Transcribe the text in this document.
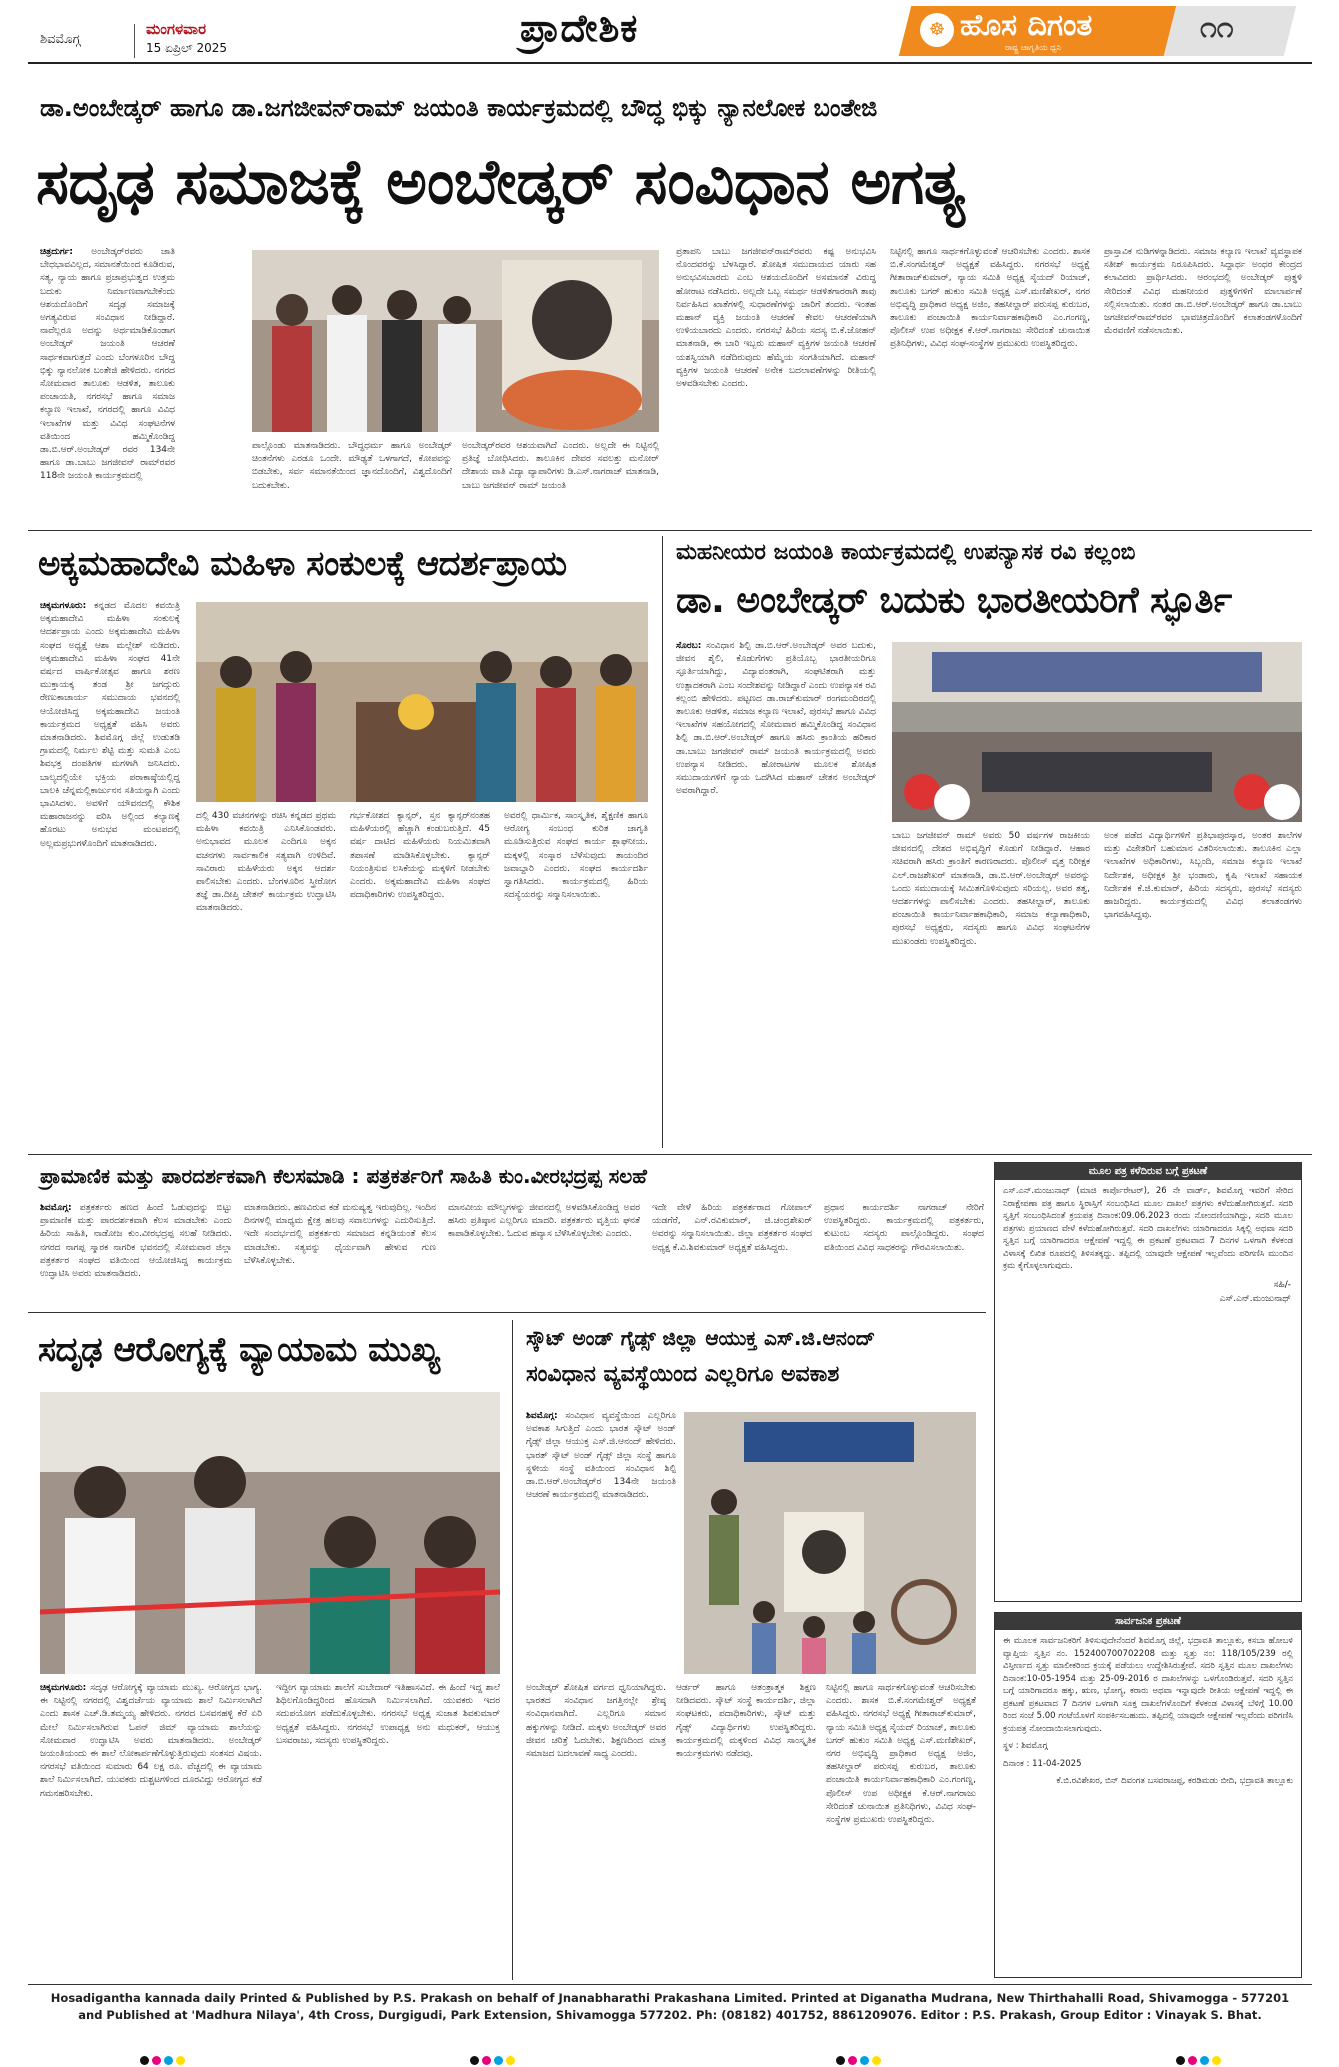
ಶಿವಮೊಗ್ಗ
ಮಂಗಳವಾರ
15 ಏಪ್ರಿಲ್ 2025	ಪ್ರಾದೇಶಿಕ	☸ ಹೊಸ ದಿಗಂತ
ರಾಷ್ಟ್ರ ಜಾಗೃತಿಯ ಧ್ವನಿ
೧೧
ಡಾ.ಅಂಬೇಡ್ಕರ್ ಹಾಗೂ ಡಾ.ಜಗಜೀವನ್‌ರಾಮ್ ಜಯಂತಿ ಕಾರ್ಯಕ್ರಮದಲ್ಲಿ ಬೌದ್ಧ ಭಿಕ್ಕು ನ್ಯಾನಲೋಕ ಬಂತೇಜಿ
ಸದೃಢ ಸಮಾಜಕ್ಕೆ ಅಂಬೇಡ್ಕರ್ ಸಂವಿಧಾನ ಅಗತ್ಯ
ಚಿತ್ರದುರ್ಗ: ಅಂಬೇಡ್ಕರ್‌ರವರು ಜಾತಿ ಬೇಧಭಾವವಿಲ್ಲದ, ಸಮಾನತೆಯಿಂದ ಕೂಡಿರುವ, ಸತ್ಯ, ನ್ಯಾಯ ಹಾಗೂ ಪ್ರಜಾಪ್ರಭುತ್ವದ ಉತ್ತಮ ಬದುಕು ನಿರ್ಮಾಣವಾಗಬೇಕೆಂದು ಆಶಯದೊಂದಿಗೆ ಸದೃಢ ಸಮಾಜಕ್ಕೆ ಅಗತ್ಯವಿರುವ ಸಂವಿಧಾನ ನೀಡಿದ್ದಾರೆ. ನಾವೆಲ್ಲರೂ ಅದನ್ನು ಅರ್ಥಮಾಡಿಕೊಂಡಾಗ ಅಂಬೇಡ್ಕರ್ ಜಯಂತಿ ಆಚರಣೆ ಸಾರ್ಥಕವಾಗುತ್ತದೆ ಎಂದು ಬೆಂಗಳೂರಿನ ಬೌದ್ಧ ಭಿಕ್ಕು ನ್ಯಾನಲೋಕ ಬಂತೇಜಿ ಹೇಳಿದರು. ನಗರದ ಸೋಮವಾರ ತಾಲೂಕು ಆಡಳಿತ, ತಾಲೂಕು ಪಂಚಾಯತಿ, ನಗರಸಭೆ ಹಾಗೂ ಸಮಾಜ ಕಲ್ಯಾಣ ಇಲಾಖೆ, ನಗರದಲ್ಲಿ ಹಾಗೂ ವಿವಿಧ ಇಲಾಖೆಗಳ ಮತ್ತು ವಿವಿಧ ಸಂಘಟನೆಗಳ ವತಿಯಿಂದ ಹಮ್ಮಿಕೊಂಡಿದ್ದ ಡಾ.ಬಿ.ಆರ್.ಅಂಬೇಡ್ಕರ್ ರವರ 134ನೇ ಹಾಗೂ ಡಾ.ಬಾಬು ಜಗಜೀವನ್ ರಾಮ್‌ರವರ 118ನೇ ಜಯಂತಿ ಕಾರ್ಯಕ್ರಮದಲ್ಲಿ
ಪಾಲ್ಗೊಂಡು ಮಾತನಾಡಿದರು. ಬೌದ್ಧಧರ್ಮ ಹಾಗೂ ಅಂಬೇಡ್ಕರ್ ಚಿಂತನೆಗಳು ಎರಡೂ ಒಂದೇ. ಮೌಢ್ಯತೆ ಒಳಗಾಗದೆ, ಕೋಪವನ್ನು ಬಿಡಬೇಕು, ಸರ್ವ ಸಮಾನತೆಯಿಂದ ಜ್ಞಾನದೊಂದಿಗೆ, ವಿಶ್ವದೊಂದಿಗೆ ಬದುಕಬೇಕು.
ಅಂಬೇಡ್ಕರ್‌ರವರ ಆಶಯವಾಗಿದೆ ಎಂದರು. ಅಲ್ಲದೇ ಈ ನಿಟ್ಟಿನಲ್ಲಿ ಪ್ರತಿಜ್ಞೆ ಬೋಧಿಸಿದರು. ತಾಲೂಕಿನ ದೇವರ ಸವಲತ್ತು ಮನೋರ್ ದೇಶಾಯ ವಾತಿ ವಿದ್ಯಾ ವ್ಯಾಪಾರಿಗಳು ಡಿ.ಎಸ್.ನಾಗರಾಜ್ ಮಾತನಾಡಿ, ಬಾಬು ಜಗಜೀವನ್ ರಾಮ್ ಜಯಂತಿ
ಪ್ರತಾಪನಿ ಬಾಬು ಜಗಜೀವನ್‌ರಾಮ್‌ರವರು ಕಷ್ಟ ಅನುಭವಿಸಿ ನೊಂದವರನ್ನು ಬೆಳಸಿದ್ದಾರೆ. ಶೋಷಿತ ಸಮುದಾಯದ ಯಾರು ಸಹ ಅನುಭವಿಸಬಾರದು ಎಂಬ ಆಶಯದೊಂದಿಗೆ ಅಸಮಾನತೆ ವಿರುದ್ಧ ಹೋರಾಟ ನಡೆಸಿದರು. ಅಲ್ಲದೇ ಒಬ್ಬ ಸಮರ್ಥ ಆಡಳಿತಗಾರರಾಗಿ ತಾವು ನಿರ್ವಹಿಸಿದ ಖಾತೆಗಳಲ್ಲಿ ಸುಧಾರಣೆಗಳನ್ನು ಜಾರಿಗೆ ತಂದರು. ಇಂತಹ ಮಹಾನ್ ವ್ಯಕ್ತಿ ಜಯಂತಿ ಆಚರಣೆ ಕೇವಲ ಆಚರಣೆಯಾಗಿ ಉಳಿಯಬಾರದು ಎಂದರು. ನಗರಸಭೆ ಹಿರಿಯ ಸದಸ್ಯ ಬಿ.ಕೆ.ಜೋಹನ್ ಮಾತನಾಡಿ, ಈ ಬಾರಿ ಇಬ್ಬರು ಮಹಾನ್ ವ್ಯಕ್ತಿಗಳ ಜಯಂತಿ ಆಚರಣೆ ಯಶಸ್ವಿಯಾಗಿ ನಡೆದಿರುವುದು ಹೆಮ್ಮೆಯ ಸಂಗತಿಯಾಗಿದೆ. ಮಹಾನ್ ವ್ಯಕ್ತಿಗಳ ಜಯಂತಿ ಆಚರಣೆ ಅನೇಕ ಬದಲಾವಣೆಗಳನ್ನು ರೀತಿಯಲ್ಲಿ ಅಳವಡಿಸಬೇಕು ಎಂದರು.
ನಿಟ್ಟಿನಲ್ಲಿ ಹಾಗೂ ಸಾರ್ಥಕಗೊಳ್ಳುವಂತೆ ಆಚರಿಸಬೇಕು ಎಂದರು. ಶಾಸಕ ಬಿ.ಕೆ.ಸಂಗಮೇಶ್ವರ್ ಅಧ್ಯಕ್ಷತೆ ವಹಿಸಿದ್ದರು. ನಗರಸಭೆ ಅಧ್ಯಕ್ಷೆ ಗೀತಾರಾಜ್‌ಕುಮಾರ್, ನ್ಯಾಯ ಸಮಿತಿ ಅಧ್ಯಕ್ಷ ಸೈಯದ್ ರಿಯಾಜ್, ತಾಲೂಕು ಬಗರ್ ಹುಕುಂ ಸಮಿತಿ ಅಧ್ಯಕ್ಷ ಎಸ್.ಮಣಿಶೇಖರ್, ನಗರ ಅಭಿವೃದ್ಧಿ ಪ್ರಾಧಿಕಾರ ಅಧ್ಯಕ್ಷ ಅಜಿಂ, ತಹಸೀಲ್ದಾರ್ ಪರುಸಪ್ಪ ಕುರುಬರ, ತಾಲೂಕು ಪಂಚಾಯಿತಿ ಕಾರ್ಯನಿರ್ವಾಹಕಾಧಿಕಾರಿ ಎಂ.ಗಂಗಣ್ಣ, ಪೊಲೀಸ್ ಉಪ ಅಧೀಕ್ಷಕ ಕೆ.ಆರ್.ನಾಗರಾಜು ಸೇರಿದಂತೆ ಚುನಾಯಿತ ಪ್ರತಿನಿಧಿಗಳು, ವಿವಿಧ ಸಂಘ-ಸಂಸ್ಥೆಗಳ ಪ್ರಮುಖರು ಉಪಸ್ಥಿತರಿದ್ದರು.
ಪ್ರಾಸ್ತಾವಿಕ ನುಡಿಗಳನ್ನಾಡಿದರು. ಸಮಾಜ ಕಲ್ಯಾಣ ಇಲಾಖೆ ವ್ಯವಸ್ಥಾಪಕ ಸತೀಶ್ ಕಾರ್ಯಕ್ರಮ ನಿರೂಪಿಸಿದರು. ಸಿದ್ದಾರ್ಥ ಅಂಧರ ಕೇಂದ್ರದ ಕಲಾವಿದರು ಪ್ರಾರ್ಥಿಸಿದರು. ಆರಂಭದಲ್ಲಿ ಅಂಬೇಡ್ಕರ್ ಪುತ್ಥಳಿ ಸೇರಿದಂತೆ ವಿವಿಧ ಮಹನೀಯರ ಪುತ್ಥಳಿಗಳಿಗೆ ಮಾಲಾರ್ಪಣೆ ಸಲ್ಲಿಸಲಾಯಿತು. ನಂತರ ಡಾ.ಬಿ.ಆರ್.ಅಂಬೇಡ್ಕರ್ ಹಾಗೂ ಡಾ.ಬಾಬು ಜಗಜೀವನ್‌ರಾಮ್‌ರವರ ಭಾವಚಿತ್ರದೊಂದಿಗೆ ಕಲಾತಂಡಗಳೊಂದಿಗೆ ಮೆರವಣಿಗೆ ನಡೆಸಲಾಯಿತು.
ಅಕ್ಕಮಹಾದೇವಿ ಮಹಿಳಾ ಸಂಕುಲಕ್ಕೆ ಆದರ್ಶಪ್ರಾಯ
ಚಿಕ್ಕಮಗಳೂರು: ಕನ್ನಡದ ಮೊದಲ ಕವಯಿತ್ರಿ ಅಕ್ಕಮಹಾದೇವಿ ಮಹಿಳಾ ಸಂಕುಲಕ್ಕೆ ಆದರ್ಶಪ್ರಾಯ ಎಂದು ಅಕ್ಕಮಹಾದೇವಿ ಮಹಿಳಾ ಸಂಘದ ಅಧ್ಯಕ್ಷೆ ಆಶಾ ಮಲ್ಲೇಶ್ ನುಡಿದರು. ಅಕ್ಕಮಹಾದೇವಿ ಮಹಿಳಾ ಸಂಘದ 41ನೇ ವರ್ಷದ ವಾರ್ಷಿಕೋತ್ಸವ ಹಾಗೂ ಶರಣ ಮುಕ್ತಾಯಕ್ಕ ತಂಡ ಶ್ರೀ ಜಗದ್ಗುರು ರೇಣುಕಾಚಾರ್ಯ ಸಮುದಾಯ ಭವನದಲ್ಲಿ ಆಯೋಜಿಸಿದ್ದ ಅಕ್ಕಮಹಾದೇವಿ ಜಯಂತಿ ಕಾರ್ಯಕ್ರಮದ ಅಧ್ಯಕ್ಷತೆ ವಹಿಸಿ ಅವರು ಮಾತನಾಡಿದರು. ಶಿವಮೊಗ್ಗ ಜಿಲ್ಲೆ ಉಡುತಡಿ ಗ್ರಾಮದಲ್ಲಿ ನಿರ್ಮಲ ಶೆಟ್ಟಿ ಮತ್ತು ಸುಮತಿ ಎಂಬ ಶಿವಭಕ್ತ ದಂಪತಿಗಳ ಮಗಳಾಗಿ ಜನಿಸಿದರು. ಬಾಲ್ಯದಲ್ಲಿಯೇ ಭಕ್ತಿಯ ಪರಾಕಾಷ್ಠೆಯಲ್ಲಿದ್ದ ಬಾಲಕಿ ಚೆನ್ನಮಲ್ಲಿಕಾರ್ಜುನನ ಸತಿಯನ್ನಾಗಿ ಎಂದು ಭಾವಿಸಿದಳು. ಅವಳಿಗೆ ಯೌವನದಲ್ಲಿ ಕೌಶಿಕ ಮಹಾರಾಜನನ್ನು ವರಿಸಿ ಅಲ್ಲಿಂದ ಕಲ್ಯಾಣಕ್ಕೆ ಹೊರಟು ಅನುಭವ ಮಂಟಪದಲ್ಲಿ ಅಲ್ಲಮಪ್ರಭುಗಳೊಂದಿಗೆ ಮಾತನಾಡಿದರು.
ದಲ್ಲಿ 430 ವಚನಗಳನ್ನು ರಚಿಸಿ ಕನ್ನಡದ ಪ್ರಥಮ ಮಹಿಳಾ ಕವಯಿತ್ರಿ ಎನಿಸಿಕೊಂಡವರು. ಅನುಭಾವದ ಮೂಲಕ ಎಂದಿಗೂ ಅಕ್ಕನ ವಚನಗಳು ಸಾರ್ವಕಾಲಿಕ ಸತ್ಯವಾಗಿ ಉಳಿದಿವೆ. ಸಾವಿರಾರು ಮಹಿಳೆಯರು ಅಕ್ಕನ ಆದರ್ಶ ಪಾಲಿಸಬೇಕು ಎಂದರು. ಬೆಂಗಳೂರಿನ ಸ್ತ್ರೀರೋಗ ತಜ್ಞೆ ಡಾ.ದೀಪ್ತಿ ಚೇತನ್ ಕಾರ್ಯಕ್ರಮ ಉದ್ಘಾಟಿಸಿ ಮಾತನಾಡಿದರು.
ಗರ್ಭಕೋಶದ ಕ್ಯಾನ್ಸರ್, ಸ್ತನ ಕ್ಯಾನ್ಸರ್‌ನಂತಹ ಮಹಿಳೆಯರಲ್ಲಿ ಹೆಚ್ಚಾಗಿ ಕಂಡುಬರುತ್ತಿದೆ. 45 ವರ್ಷ ದಾಟಿದ ಮಹಿಳೆಯರು ನಿಯಮಿತವಾಗಿ ತಪಾಸಣೆ ಮಾಡಿಸಿಕೊಳ್ಳಬೇಕು. ಕ್ಯಾನ್ಸರ್ ನಿಯಂತ್ರಿಸುವ ಲಸಿಕೆಯನ್ನು ಮಕ್ಕಳಿಗೆ ನೀಡಬೇಕು ಎಂದರು. ಅಕ್ಕಮಹಾದೇವಿ ಮಹಿಳಾ ಸಂಘದ ಪದಾಧಿಕಾರಿಗಳು ಉಪಸ್ಥಿತರಿದ್ದರು.
ಅವರಲ್ಲಿ ಧಾರ್ಮಿಕ, ಸಾಂಸ್ಕೃತಿಕ, ಶೈಕ್ಷಣಿಕ ಹಾಗೂ ಆರೋಗ್ಯ ಸಂಬಂಧ ಕುರಿತ ಜಾಗೃತಿ ಮೂಡಿಸುತ್ತಿರುವ ಸಂಘದ ಕಾರ್ಯ ಶ್ಲಾಘನೀಯ. ಮಕ್ಕಳಲ್ಲಿ ಸಂಸ್ಕಾರ ಬೆಳೆಸುವುದು ತಾಯಂದಿರ ಜವಾಬ್ದಾರಿ ಎಂದರು. ಸಂಘದ ಕಾರ್ಯದರ್ಶಿ ಸ್ವಾಗತಿಸಿದರು. ಕಾರ್ಯಕ್ರಮದಲ್ಲಿ ಹಿರಿಯ ಸದಸ್ಯೆಯರನ್ನು ಸನ್ಮಾನಿಸಲಾಯಿತು.
ಮಹನೀಯರ ಜಯಂತಿ ಕಾರ್ಯಕ್ರಮದಲ್ಲಿ ಉಪನ್ಯಾಸಕ ರವಿ ಕಲ್ಲಂಬಿ
ಡಾ. ಅಂಬೇಡ್ಕರ್ ಬದುಕು ಭಾರತೀಯರಿಗೆ ಸ್ಫೂರ್ತಿ
ಸೊರಬ: ಸಂವಿಧಾನ ಶಿಲ್ಪಿ ಡಾ.ಬಿ.ಆರ್.ಅಂಬೇಡ್ಕರ್ ಅವರ ಬದುಕು, ಜೀವನ ಶೈಲಿ, ಕೊಡುಗೆಗಳು ಪ್ರತಿಯೊಬ್ಬ ಭಾರತೀಯರಿಗೂ ಸ್ಫೂರ್ತಿಯಾಗಿದ್ದು, ವಿದ್ಯಾವಂತರಾಗಿ, ಸಂಘಟಿತರಾಗಿ ಮತ್ತು ಉತ್ಪಾದಕರಾಗಿ ಎಂಬ ಸಂದೇಶವನ್ನು ನೀಡಿದ್ದಾರೆ ಎಂದು ಉಪನ್ಯಾಸಕ ರವಿ ಕಲ್ಲಂಬಿ ಹೇಳಿದರು. ಪಟ್ಟಣದ ಡಾ.ರಾಜ್‌ಕುಮಾರ್ ರಂಗಮಂದಿರದಲ್ಲಿ ತಾಲೂಕು ಆಡಳಿತ, ಸಮಾಜ ಕಲ್ಯಾಣ ಇಲಾಖೆ, ಪುರಸಭೆ ಹಾಗೂ ವಿವಿಧ ಇಲಾಖೆಗಳ ಸಹಯೋಗದಲ್ಲಿ ಸೋಮವಾರ ಹಮ್ಮಿಕೊಂಡಿದ್ದ ಸಂವಿಧಾನ ಶಿಲ್ಪಿ ಡಾ.ಬಿ.ಆರ್.ಅಂಬೇಡ್ಕರ್ ಹಾಗೂ ಹಸಿರು ಕ್ರಾಂತಿಯ ಹರಿಕಾರ ಡಾ.ಬಾಬು ಜಗಜೀವನ್ ರಾಮ್ ಜಯಂತಿ ಕಾರ್ಯಕ್ರಮದಲ್ಲಿ ಅವರು ಉಪನ್ಯಾಸ ನೀಡಿದರು. ಹೋರಾಟಗಳ ಮೂಲಕ ಶೋಷಿತ ಸಮುದಾಯಗಳಿಗೆ ನ್ಯಾಯ ಒದಗಿಸಿದ ಮಹಾನ್ ಚೇತನ ಅಂಬೇಡ್ಕರ್ ಅವರಾಗಿದ್ದಾರೆ.
ಬಾಬು ಜಗಜೀವನ್ ರಾಮ್ ಅವರು 50 ವರ್ಷಗಳ ರಾಜಕೀಯ ಜೀವನದಲ್ಲಿ ದೇಶದ ಅಭಿವೃದ್ಧಿಗೆ ಕೊಡುಗೆ ನೀಡಿದ್ದಾರೆ. ಆಹಾರ ಸಚಿವರಾಗಿ ಹಸಿರು ಕ್ರಾಂತಿಗೆ ಕಾರಣರಾದರು. ಪೊಲೀಸ್ ವೃತ್ತ ನಿರೀಕ್ಷಕ ಎಲ್.ರಾಜಶೇಖರ್ ಮಾತನಾಡಿ, ಡಾ.ಬಿ.ಆರ್.ಅಂಬೇಡ್ಕರ್ ಅವರನ್ನು ಒಂದು ಸಮುದಾಯಕ್ಕೆ ಸೀಮಿತಗೊಳಿಸುವುದು ಸರಿಯಲ್ಲ. ಅವರ ತತ್ವ, ಆದರ್ಶಗಳನ್ನು ಪಾಲಿಸಬೇಕು ಎಂದರು. ತಹಸೀಲ್ದಾರ್, ತಾಲೂಕು ಪಂಚಾಯಿತಿ ಕಾರ್ಯನಿರ್ವಾಹಕಾಧಿಕಾರಿ, ಸಮಾಜ ಕಲ್ಯಾಣಾಧಿಕಾರಿ, ಪುರಸಭೆ ಅಧ್ಯಕ್ಷರು, ಸದಸ್ಯರು ಹಾಗೂ ವಿವಿಧ ಸಂಘಟನೆಗಳ ಮುಖಂಡರು ಉಪಸ್ಥಿತರಿದ್ದರು.
ಅಂಕ ಪಡೆದ ವಿದ್ಯಾರ್ಥಿಗಳಿಗೆ ಪ್ರತಿಭಾಪುರಸ್ಕಾರ, ಅಂತರ ಶಾಲೆಗಳ ಮತ್ತು ವಿಜೇತರಿಗೆ ಬಹುಮಾನ ವಿತರಿಸಲಾಯಿತು. ತಾಲೂಕಿನ ಎಲ್ಲಾ ಇಲಾಖೆಗಳ ಅಧಿಕಾರಿಗಳು, ಸಿಬ್ಬಂದಿ, ಸಮಾಜ ಕಲ್ಯಾಣ ಇಲಾಖೆ ನಿರ್ದೇಶಕ, ಅಧೀಕ್ಷಕ ಶ್ರೀ ಭಂಡಾರು, ಕೃಷಿ ಇಲಾಖೆ ಸಹಾಯಕ ನಿರ್ದೇಶಕ ಕೆ.ಜಿ.ಕುಮಾರ್, ಹಿರಿಯ ಸದಸ್ಯರು, ಪುರಸಭೆ ಸದಸ್ಯರು ಹಾಜರಿದ್ದರು. ಕಾರ್ಯಕ್ರಮದಲ್ಲಿ ವಿವಿಧ ಕಲಾತಂಡಗಳು ಭಾಗವಹಿಸಿದ್ದವು.
ಪ್ರಾಮಾಣಿಕ ಮತ್ತು ಪಾರದರ್ಶಕವಾಗಿ ಕೆಲಸಮಾಡಿ : ಪತ್ರಕರ್ತರಿಗೆ ಸಾಹಿತಿ ಕುಂ.ವೀರಭದ್ರಪ್ಪ ಸಲಹೆ
ಶಿವಮೊಗ್ಗ: ಪತ್ರಕರ್ತರು ಹಣದ ಹಿಂದೆ ಓಡುವುದನ್ನು ಬಿಟ್ಟು ಪ್ರಾಮಾಣಿಕ ಮತ್ತು ಪಾರದರ್ಶಕವಾಗಿ ಕೆಲಸ ಮಾಡಬೇಕು ಎಂದು ಹಿರಿಯ ಸಾಹಿತಿ, ನಾಡೋಜ ಕುಂ.ವೀರಭದ್ರಪ್ಪ ಸಲಹೆ ನೀಡಿದರು. ನಗರದ ನಾಗಪ್ಪ ಸ್ಮಾರಕ ನಾಗರಿಕ ಭವನದಲ್ಲಿ ಸೋಮವಾರ ಜಿಲ್ಲಾ ಪತ್ರಕರ್ತರ ಸಂಘದ ವತಿಯಿಂದ ಆಯೋಜಿಸಿದ್ದ ಕಾರ್ಯಕ್ರಮ ಉದ್ಘಾಟಿಸಿ ಅವರು ಮಾತನಾಡಿದರು.
ಮಾತನಾಡಿದರು. ಹಣವಿರುವ ಕಡೆ ಮನುಷ್ಯತ್ವ ಇರುವುದಿಲ್ಲ. ಇಂದಿನ ದಿನಗಳಲ್ಲಿ ಮಾಧ್ಯಮ ಕ್ಷೇತ್ರ ಹಲವು ಸವಾಲುಗಳನ್ನು ಎದುರಿಸುತ್ತಿದೆ. ಇದೇ ಸಂದರ್ಭದಲ್ಲಿ ಪತ್ರಕರ್ತರು ಸಮಾಜದ ಕನ್ನಡಿಯಂತೆ ಕೆಲಸ ಮಾಡಬೇಕು. ಸತ್ಯವನ್ನು ಧೈರ್ಯವಾಗಿ ಹೇಳುವ ಗುಣ ಬೆಳೆಸಿಕೊಳ್ಳಬೇಕು.
ಮಾನವೀಯ ಮೌಲ್ಯಗಳನ್ನು ಜೀವನದಲ್ಲಿ ಅಳವಡಿಸಿಕೊಂಡಿದ್ದ ಅವರ ಹಸಿರು ಪ್ರತಿಷ್ಠಾನ ಎಲ್ಲರಿಗೂ ಮಾದರಿ. ಪತ್ರಕರ್ತರು ವೃತ್ತಿಯ ಘನತೆ ಕಾಪಾಡಿಕೊಳ್ಳಬೇಕು. ಓದುವ ಹವ್ಯಾಸ ಬೆಳೆಸಿಕೊಳ್ಳಬೇಕು ಎಂದರು.
ಇದೇ ವೇಳೆ ಹಿರಿಯ ಪತ್ರಕರ್ತರಾದ ಗೋಪಾಲ್ ಯಡಗೆರೆ, ಎನ್.ರವಿಕುಮಾರ್, ಜಿ.ಚಂದ್ರಶೇಖರ್ ಅವರನ್ನು ಸನ್ಮಾನಿಸಲಾಯಿತು. ಜಿಲ್ಲಾ ಪತ್ರಕರ್ತರ ಸಂಘದ ಅಧ್ಯಕ್ಷ ಕೆ.ವಿ.ಶಿವಕುಮಾರ್ ಅಧ್ಯಕ್ಷತೆ ವಹಿಸಿದ್ದರು.
ಪ್ರಧಾನ ಕಾರ್ಯದರ್ಶಿ ನಾಗರಾಜ್ ನೇರಿಗೆ ಉಪಸ್ಥಿತರಿದ್ದರು. ಕಾರ್ಯಕ್ರಮದಲ್ಲಿ ಪತ್ರಕರ್ತರು, ಕುಟುಂಬ ಸದಸ್ಯರು ಪಾಲ್ಗೊಂಡಿದ್ದರು. ಸಂಘದ ವತಿಯಿಂದ ವಿವಿಧ ಸಾಧಕರನ್ನು ಗೌರವಿಸಲಾಯಿತು.
ಸದೃಢ ಆರೋಗ್ಯಕ್ಕೆ ವ್ಯಾಯಾಮ ಮುಖ್ಯ
ಚಿಕ್ಕಮಗಳೂರು: ಸದೃಢ ಆರೋಗ್ಯಕ್ಕೆ ವ್ಯಾಯಾಮ ಮುಖ್ಯ. ಆರೋಗ್ಯದ ಭಾಗ್ಯ. ಈ ನಿಟ್ಟಿನಲ್ಲಿ ನಗರದಲ್ಲಿ ವಿಶ್ವದರ್ಜೆಯ ವ್ಯಾಯಾಮ ಶಾಲೆ ನಿರ್ಮಿಸಲಾಗಿದೆ ಎಂದು ಶಾಸಕ ಎಚ್.ಡಿ.ತಮ್ಮಯ್ಯ ಹೇಳಿದರು. ನಗರದ ಬಸವನಹಳ್ಳಿ ಕೆರೆ ಏರಿ ಮೇಲೆ ನಿರ್ಮಿಸಲಾಗಿರುವ ಓಪನ್ ಜಿಮ್ ವ್ಯಾಯಾಮ ಶಾಲೆಯನ್ನು ಸೋಮವಾರ ಉದ್ಘಾಟಿಸಿ ಅವರು ಮಾತನಾಡಿದರು. ಅಂಬೇಡ್ಕರ್ ಜಯಂತಿಯಂದು ಈ ಶಾಲೆ ಲೋಕಾರ್ಪಣೆಗೊಳ್ಳುತ್ತಿರುವುದು ಸಂತಸದ ವಿಷಯ. ನಗರಸಭೆ ವತಿಯಿಂದ ಸುಮಾರು 64 ಲಕ್ಷ ರೂ. ವೆಚ್ಚದಲ್ಲಿ ಈ ವ್ಯಾಯಾಮ ಶಾಲೆ ನಿರ್ಮಿಸಲಾಗಿದೆ. ಯುವಕರು ದುಶ್ಚಟಗಳಿಂದ ದೂರವಿದ್ದು ಆರೋಗ್ಯದ ಕಡೆ ಗಮನಹರಿಸಬೇಕು.
ಇದ್ದೀಗ ವ್ಯಾಯಾಮ ಶಾಲೆಗೆ ಸುಬೇದಾರ್ ಇತಿಹಾಸವಿದೆ. ಈ ಹಿಂದೆ ಇದ್ದ ಶಾಲೆ ಶಿಥಿಲಗೊಂಡಿದ್ದರಿಂದ ಹೊಸದಾಗಿ ನಿರ್ಮಿಸಲಾಗಿದೆ. ಯುವಕರು ಇದರ ಸದುಪಯೋಗ ಪಡೆದುಕೊಳ್ಳಬೇಕು. ನಗರಸಭೆ ಅಧ್ಯಕ್ಷ ಸುಜಾತ ಶಿವಕುಮಾರ್ ಅಧ್ಯಕ್ಷತೆ ವಹಿಸಿದ್ದರು. ನಗರಸಭೆ ಉಪಾಧ್ಯಕ್ಷ ಅನು ಮಧುಕರ್, ಆಯುಕ್ತ ಬಸವರಾಜು, ಸದಸ್ಯರು ಉಪಸ್ಥಿತರಿದ್ದರು.
ಸ್ಕೌಟ್ ಅಂಡ್ ಗೈಡ್ಸ್ ಜಿಲ್ಲಾ ಆಯುಕ್ತ ಎಸ್.ಜಿ.ಆನಂದ್
ಸಂವಿಧಾನ ವ್ಯವಸ್ಥೆಯಿಂದ ಎಲ್ಲರಿಗೂ ಅವಕಾಶ
ಶಿವಮೊಗ್ಗ: ಸಂವಿಧಾನ ವ್ಯವಸ್ಥೆಯಿಂದ ಎಲ್ಲರಿಗೂ ಅವಕಾಶ ಸಿಗುತ್ತಿದೆ ಎಂದು ಭಾರತ ಸ್ಕೌಟ್ ಅಂಡ್ ಗೈಡ್ಸ್ ಜಿಲ್ಲಾ ಆಯುಕ್ತ ಎಸ್.ಜಿ.ಆನಂದ್ ಹೇಳಿದರು. ಭಾರತ್ ಸ್ಕೌಟ್ ಅಂಡ್ ಗೈಡ್ಸ್ ಜಿಲ್ಲಾ ಸಂಸ್ಥೆ ಹಾಗೂ ಸ್ಥಳೀಯ ಸಂಸ್ಥೆ ವತಿಯಿಂದ ಸಂವಿಧಾನ ಶಿಲ್ಪಿ ಡಾ.ಬಿ.ಆರ್.ಅಂಬೇಡ್ಕರ್‌ರ 134ನೇ ಜಯಂತಿ ಆಚರಣೆ ಕಾರ್ಯಕ್ರಮದಲ್ಲಿ ಮಾತನಾಡಿದರು.
ಅಂಬೇಡ್ಕರ್ ಶೋಷಿತ ವರ್ಗದ ಧ್ವನಿಯಾಗಿದ್ದರು. ಭಾರತದ ಸಂವಿಧಾನ ಜಗತ್ತಿನಲ್ಲೇ ಶ್ರೇಷ್ಠ ಸಂವಿಧಾನವಾಗಿದೆ. ಎಲ್ಲರಿಗೂ ಸಮಾನ ಹಕ್ಕುಗಳನ್ನು ನೀಡಿದೆ. ಮಕ್ಕಳು ಅಂಬೇಡ್ಕರ್ ಅವರ ಜೀವನ ಚರಿತ್ರೆ ಓದಬೇಕು. ಶಿಕ್ಷಣದಿಂದ ಮಾತ್ರ ಸಮಾಜದ ಬದಲಾವಣೆ ಸಾಧ್ಯ ಎಂದರು.
ಆರ್ಡರ್ ಹಾಗೂ ಆತಂತ್ರಾತ್ಮಕ ಶಿಕ್ಷಣ ನೀಡಿದವರು. ಸ್ಕೌಟ್ ಸಂಸ್ಥೆ ಕಾರ್ಯದರ್ಶಿ, ಜಿಲ್ಲಾ ಸಂಘಟಕರು, ಪದಾಧಿಕಾರಿಗಳು, ಸ್ಕೌಟ್ ಮತ್ತು ಗೈಡ್ಸ್ ವಿದ್ಯಾರ್ಥಿಗಳು ಉಪಸ್ಥಿತರಿದ್ದರು. ಕಾರ್ಯಕ್ರಮದಲ್ಲಿ ಮಕ್ಕಳಿಂದ ವಿವಿಧ ಸಾಂಸ್ಕೃತಿಕ ಕಾರ್ಯಕ್ರಮಗಳು ನಡೆದವು.
ನಿಟ್ಟಿನಲ್ಲಿ ಹಾಗೂ ಸಾರ್ಥಕಗೊಳ್ಳುವಂತೆ ಆಚರಿಸಬೇಕು ಎಂದರು. ಶಾಸಕ ಬಿ.ಕೆ.ಸಂಗಮೇಶ್ವರ್ ಅಧ್ಯಕ್ಷತೆ ವಹಿಸಿದ್ದರು. ನಗರಸಭೆ ಅಧ್ಯಕ್ಷೆ ಗೀತಾರಾಜ್‌ಕುಮಾರ್, ನ್ಯಾಯ ಸಮಿತಿ ಅಧ್ಯಕ್ಷ ಸೈಯದ್ ರಿಯಾಜ್, ತಾಲೂಕು ಬಗರ್ ಹುಕುಂ ಸಮಿತಿ ಅಧ್ಯಕ್ಷ ಎಸ್.ಮಣಿಶೇಖರ್, ನಗರ ಅಭಿವೃದ್ಧಿ ಪ್ರಾಧಿಕಾರ ಅಧ್ಯಕ್ಷ ಅಜಿಂ, ತಹಸೀಲ್ದಾರ್ ಪರುಸಪ್ಪ ಕುರುಬರ, ತಾಲೂಕು ಪಂಚಾಯಿತಿ ಕಾರ್ಯನಿರ್ವಾಹಕಾಧಿಕಾರಿ ಎಂ.ಗಂಗಣ್ಣ, ಪೊಲೀಸ್ ಉಪ ಅಧೀಕ್ಷಕ ಕೆ.ಆರ್.ನಾಗರಾಜು ಸೇರಿದಂತೆ ಚುನಾಯಿತ ಪ್ರತಿನಿಧಿಗಳು, ವಿವಿಧ ಸಂಘ-ಸಂಸ್ಥೆಗಳ ಪ್ರಮುಖರು ಉಪಸ್ಥಿತರಿದ್ದರು.
ಮೂಲ ಪತ್ರ ಕಳೆದಿರುವ ಬಗ್ಗೆ ಪ್ರಕಟಣೆ
ಎಸ್.ಎನ್.ಮಂಜುನಾಥ್ (ಮಾಜಿ ಕಾರ್ಪೊರೇಟರ್), 26 ನೇ ವಾರ್ಡ್, ಶಿವಮೊಗ್ಗ ಇವರಿಗೆ ಸೇರಿದ ನಿರಾಕ್ಷೇಪಣಾ ಪತ್ರ ಹಾಗೂ ಸ್ಥಿರಾಸ್ತಿಗೆ ಸಂಬಂಧಿಸಿದ ಮೂಲ ದಾಖಲೆ ಪತ್ರಗಳು ಕಳೆದುಹೋಗಿರುತ್ತವೆ. ಸದರಿ ಸ್ವತ್ತಿಗೆ ಸಂಬಂಧಿಸಿದಂತೆ ಕ್ರಯಪತ್ರ ದಿನಾಂಕ:09.06.2023 ರಂದು ನೋಂದಣಿಯಾಗಿದ್ದು, ಸದರಿ ಮೂಲ ಪತ್ರಗಳು ಪ್ರಯಾಣದ ವೇಳೆ ಕಳೆದುಹೋಗಿರುತ್ತವೆ. ಸದರಿ ದಾಖಲೆಗಳು ಯಾರಿಗಾದರೂ ಸಿಕ್ಕಲ್ಲಿ ಅಥವಾ ಸದರಿ ಸ್ವತ್ತಿನ ಬಗ್ಗೆ ಯಾರಿಗಾದರೂ ಆಕ್ಷೇಪಣೆ ಇದ್ದಲ್ಲಿ ಈ ಪ್ರಕಟಣೆ ಪ್ರಕಟವಾದ 7 ದಿನಗಳ ಒಳಗಾಗಿ ಕೆಳಕಂಡ ವಿಳಾಸಕ್ಕೆ ಲಿಖಿತ ರೂಪದಲ್ಲಿ ತಿಳಿಸತಕ್ಕದ್ದು. ತಪ್ಪಿದಲ್ಲಿ ಯಾವುದೇ ಆಕ್ಷೇಪಣೆ ಇಲ್ಲವೆಂದು ಪರಿಗಣಿಸಿ ಮುಂದಿನ ಕ್ರಮ ಕೈಗೊಳ್ಳಲಾಗುವುದು.
ಸಹಿ/-
ಎಸ್.ಎನ್.ಮಂಜುನಾಥ್
ಸಾರ್ವಜನಿಕ ಪ್ರಕಟಣೆ
ಈ ಮೂಲಕ ಸಾರ್ವಜನಿಕರಿಗೆ ತಿಳಿಸುವುದೇನೆಂದರೆ ಶಿವಮೊಗ್ಗ ಜಿಲ್ಲೆ, ಭದ್ರಾವತಿ ತಾಲ್ಲೂಕು, ಕಸಬಾ ಹೋಬಳಿ ವ್ಯಾಪ್ತಿಯ ಸ್ವತ್ತಿನ ನಂ. 152400700702208 ಮತ್ತು ಸ್ವತ್ತು ನಂ: 118/105/239 ರಲ್ಲಿ ವಿಸ್ತೀರ್ಣದ ಸ್ವತ್ತು ಮಾಲೀಕರಿಂದ ಕ್ರಯಕ್ಕೆ ಪಡೆಯಲು ಉದ್ದೇಶಿಸಿರುತ್ತೇವೆ. ಸದರಿ ಸ್ವತ್ತಿನ ಮೂಲ ದಾಖಲೆಗಳು ದಿನಾಂಕ:10-05-1954 ಮತ್ತು 25-09-2016 ರ ದಾಖಲೆಗಳನ್ನು ಒಳಗೊಂಡಿರುತ್ತವೆ. ಸದರಿ ಸ್ವತ್ತಿನ ಬಗ್ಗೆ ಯಾರಿಗಾದರೂ ಹಕ್ಕು, ಋಣ, ಭೋಗ್ಯ, ಕರಾರು ಅಥವಾ ಇನ್ನಾವುದೇ ರೀತಿಯ ಆಕ್ಷೇಪಣೆ ಇದ್ದಲ್ಲಿ ಈ ಪ್ರಕಟಣೆ ಪ್ರಕಟವಾದ 7 ದಿನಗಳ ಒಳಗಾಗಿ ಸೂಕ್ತ ದಾಖಲೆಗಳೊಂದಿಗೆ ಕೆಳಕಂಡ ವಿಳಾಸಕ್ಕೆ ಬೆಳಿಗ್ಗೆ 10.00 ರಿಂದ ಸಂಜೆ 5.00 ಗಂಟೆಯೊಳಗೆ ಸಂಪರ್ಕಿಸಬಹುದು. ತಪ್ಪಿದಲ್ಲಿ ಯಾವುದೇ ಆಕ್ಷೇಪಣೆ ಇಲ್ಲವೆಂದು ಪರಿಗಣಿಸಿ ಕ್ರಯಪತ್ರ ನೋಂದಾಯಿಸಲಾಗುವುದು.
ಸ್ಥಳ : ಶಿವಮೊಗ್ಗ
ದಿನಾಂಕ : 11-04-2025
ಕೆ.ಬಿ.ರವಿಶೇಖರ, ಬಿನ್ ದಿವಂಗತ ಬಸವರಾಜಪ್ಪ, ಕರಡಿಮಡು ಬೀದಿ, ಭದ್ರಾವತಿ ತಾಲ್ಲೂಕು
Hosadigantha kannada daily Printed & Published by P.S. Prakash on behalf of Jnanabharathi Prakashana Limited. Printed at Diganatha Mudrana, New Thirthahalli Road, Shivamogga - 577201
and Published at 'Madhura Nilaya', 4th Cross, Durgigudi, Park Extension, Shivamogga 577202. Ph: (08182) 401752, 8861209076. Editor : P.S. Prakash, Group Editor : Vinayak S. Bhat.
